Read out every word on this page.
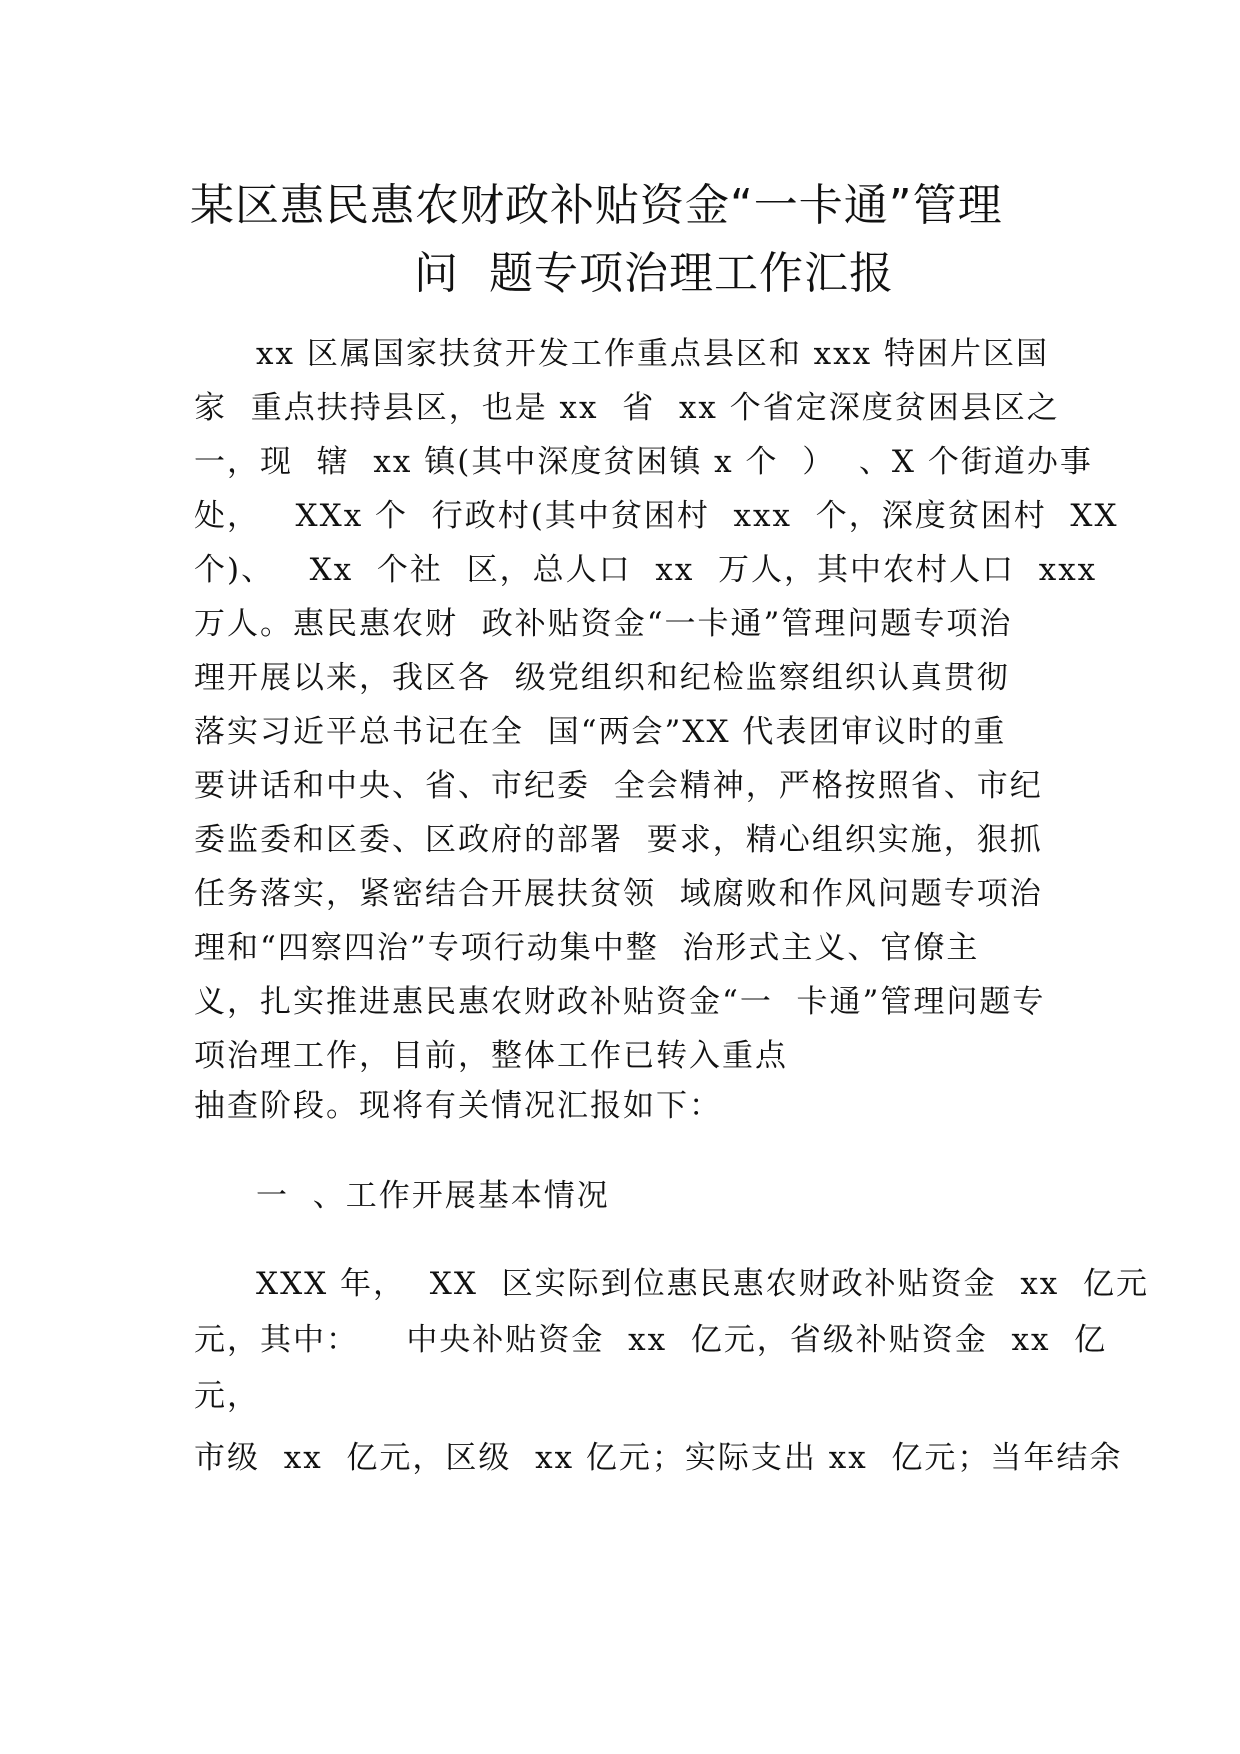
某区惠民惠农财政补贴资金“一卡通”管理
问  题专项治理工作汇报
xx 区属国家扶贫开发工作重点县区和 xxx 特困片区国
家  重点扶持县区，也是 xx  省  xx 个省定深度贫困县区之
一，现  辖  xx 镇(其中深度贫困镇 x 个  ）  、X 个街道办事
处，   XXx 个  行政村(其中贫困村  xxx  个，深度贫困村  XX
个)、   Xx  个社  区，总人口  xx  万人，其中农村人口  xxx
万人。惠民惠农财  政补贴资金“一卡通”管理问题专项治
理开展以来，我区各  级党组织和纪检监察组织认真贯彻
落实习近平总书记在全  国“两会”XX 代表团审议时的重
要讲话和中央、省、市纪委  全会精神，严格按照省、市纪
委监委和区委、区政府的部署  要求，精心组织实施，狠抓
任务落实，紧密结合开展扶贫领  域腐败和作风问题专项治
理和“四察四治”专项行动集中整  治形式主义、官僚主
义，扎实推进惠民惠农财政补贴资金“一  卡通”管理问题专
项治理工作，目前，整体工作已转入重点
抽查阶段。现将有关情况汇报如下：
一  、工作开展基本情况
XXX 年，  XX  区实际到位惠民惠农财政补贴资金  xx  亿元
元，其中：    中央补贴资金  xx  亿元，省级补贴资金  xx  亿
元，
市级  xx  亿元，区级  xx 亿元；实际支出 xx  亿元；当年结余
